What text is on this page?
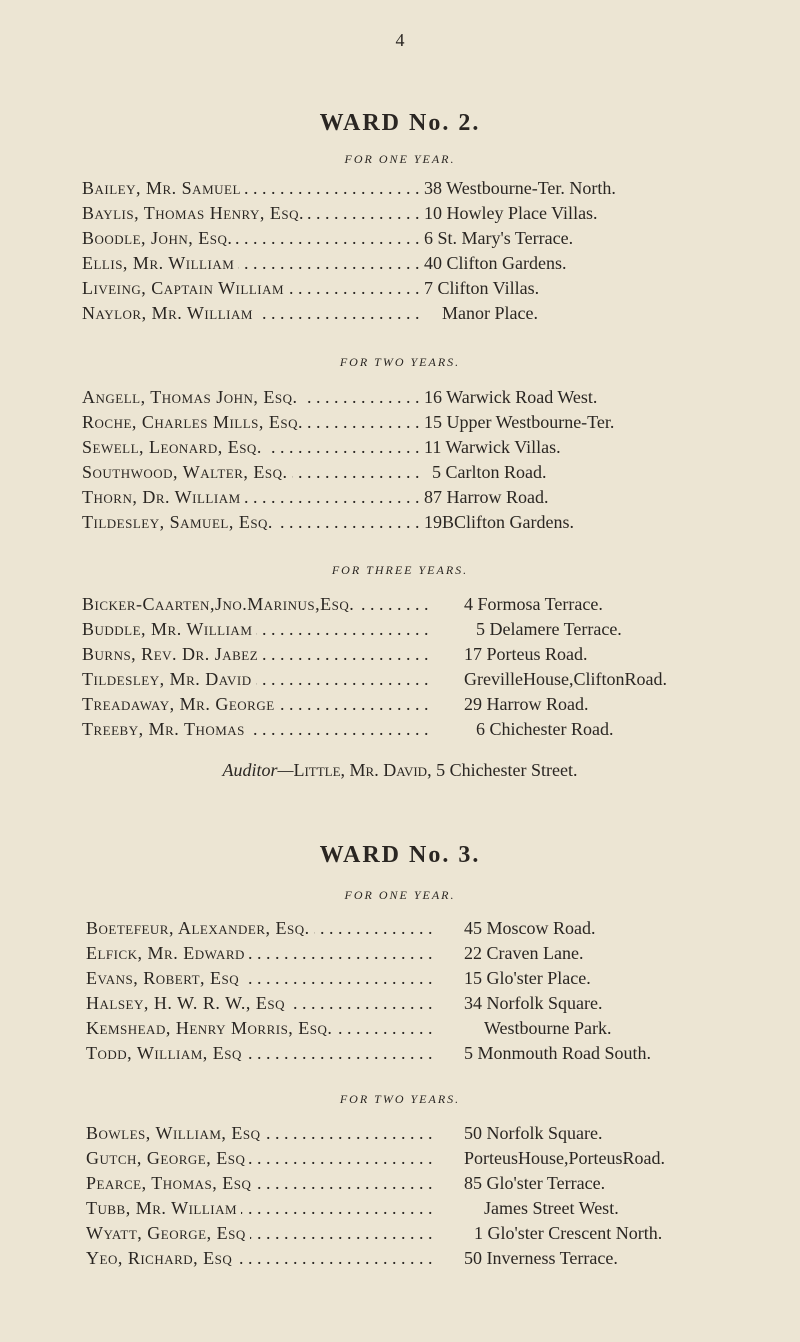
4
WARD No. 2.
FOR ONE YEAR.
Bailey, Mr. Samuel . . .	38 Westbourne-Ter. North.
Baylis, Thomas Henry, Esq. . . .	10 Howley Place Villas.
Boodle, John, Esq. . . .	6 St. Mary's Terrace.
Ellis, Mr. William . . .	40 Clifton Gardens.
Liveing, Captain William . . .	7 Clifton Villas.
Naylor, Mr. William . . .	Manor Place.
FOR TWO YEARS.
Angell, Thomas John, Esq. . . .	16 Warwick Road West.
Roche, Charles Mills, Esq. . . .	15 Upper Westbourne-Ter.
Sewell, Leonard, Esq. . . .	11 Warwick Villas.
Southwood, Walter, Esq. . . .	5 Carlton Road.
Thorn, Dr. William . . .	87 Harrow Road.
Tildesley, Samuel, Esq. . . .	19BClifton Gardens.
FOR THREE YEARS.
Bicker-Caarten,Jno.Marinus,Esq. . . .	4 Formosa Terrace.
Buddle, Mr. William . . .	5 Delamere Terrace.
Burns, Rev. Dr. Jabez . . .	17 Porteus Road.
Tildesley, Mr. David . . .	GrevilleHouse,CliftonRoad.
Treadaway, Mr. George . . .	29 Harrow Road.
Treeby, Mr. Thomas . . .	6 Chichester Road.
Auditor—Little, Mr. David, 5 Chichester Street.
WARD No. 3.
FOR ONE YEAR.
Boetefeur, Alexander, Esq. . . .	45 Moscow Road.
Elfick, Mr. Edward . . .	22 Craven Lane.
Evans, Robert, Esq . . .	15 Glo'ster Place.
Halsey, H. W. R. W., Esq . . .	34 Norfolk Square.
Kemshead, Henry Morris, Esq. . . .	Westbourne Park.
Todd, William, Esq . . .	5 Monmouth Road South.
FOR TWO YEARS.
Bowles, William, Esq . . .	50 Norfolk Square.
Gutch, George, Esq . . .	PorteusHouse,PorteusRoad.
Pearce, Thomas, Esq . . .	85 Glo'ster Terrace.
Tubb, Mr. William . . .	James Street West.
Wyatt, George, Esq . . .	1 Glo'ster Crescent North.
Yeo, Richard, Esq . . .	50 Inverness Terrace.
